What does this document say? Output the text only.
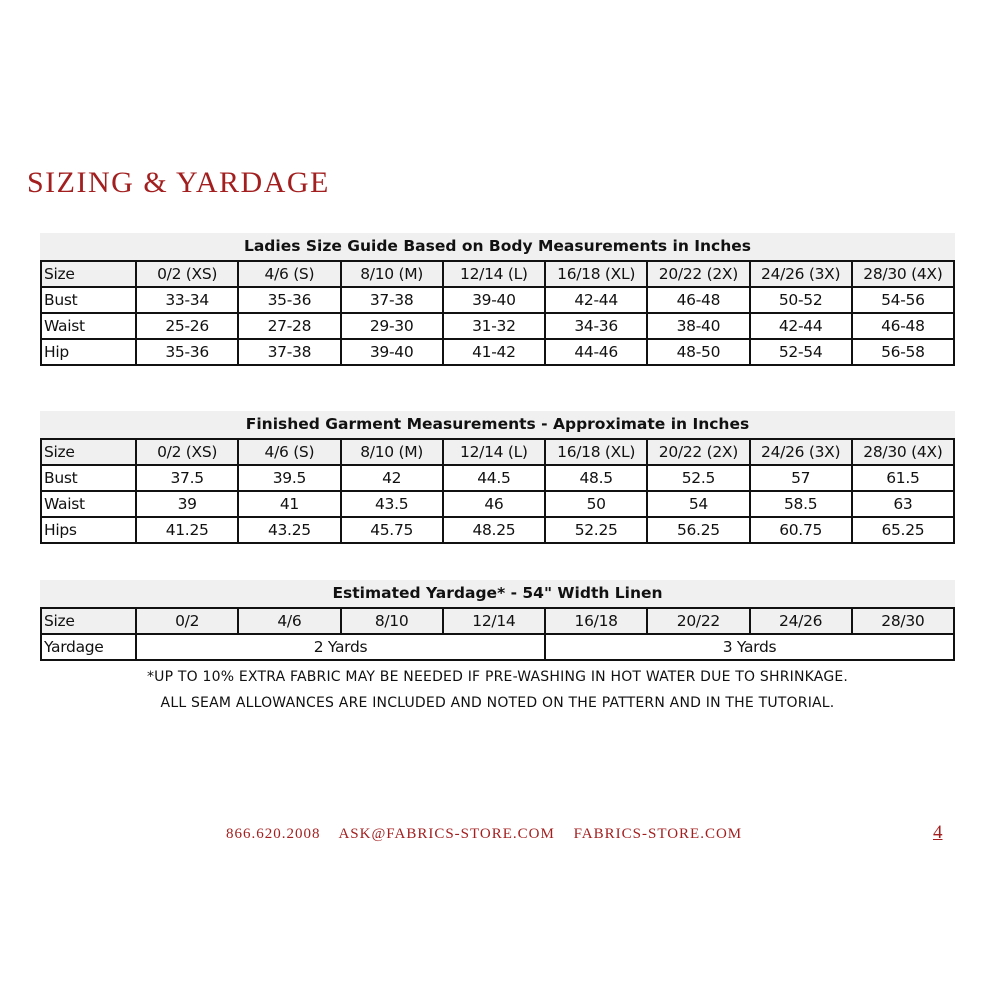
SIZING & YARDAGE
Ladies Size Guide Based on Body Measurements in Inches
Size	0/2 (XS)	4/6 (S)	8/10 (M)	12/14 (L)	16/18 (XL)	20/22 (2X)	24/26 (3X)	28/30 (4X)
Bust	33-34	35-36	37-38	39-40	42-44	46-48	50-52	54-56
Waist	25-26	27-28	29-30	31-32	34-36	38-40	42-44	46-48
Hip	35-36	37-38	39-40	41-42	44-46	48-50	52-54	56-58
Finished Garment Measurements - Approximate in Inches
Size	0/2 (XS)	4/6 (S)	8/10 (M)	12/14 (L)	16/18 (XL)	20/22 (2X)	24/26 (3X)	28/30 (4X)
Bust	37.5	39.5	42	44.5	48.5	52.5	57	61.5
Waist	39	41	43.5	46	50	54	58.5	63
Hips	41.25	43.25	45.75	48.25	52.25	56.25	60.75	65.25
Estimated Yardage* - 54" Width Linen
Size	0/2	4/6	8/10	12/14	16/18	20/22	24/26	28/30
Yardage	2 Yards				3 Yards			
*UP TO 10% EXTRA FABRIC MAY BE NEEDED IF PRE-WASHING IN HOT WATER DUE TO SHRINKAGE.
ALL SEAM ALLOWANCES ARE INCLUDED AND NOTED ON THE PATTERN AND IN THE TUTORIAL.
866.620.2008 ASK@FABRICS-STORE.COM FABRICS-STORE.COM	4
